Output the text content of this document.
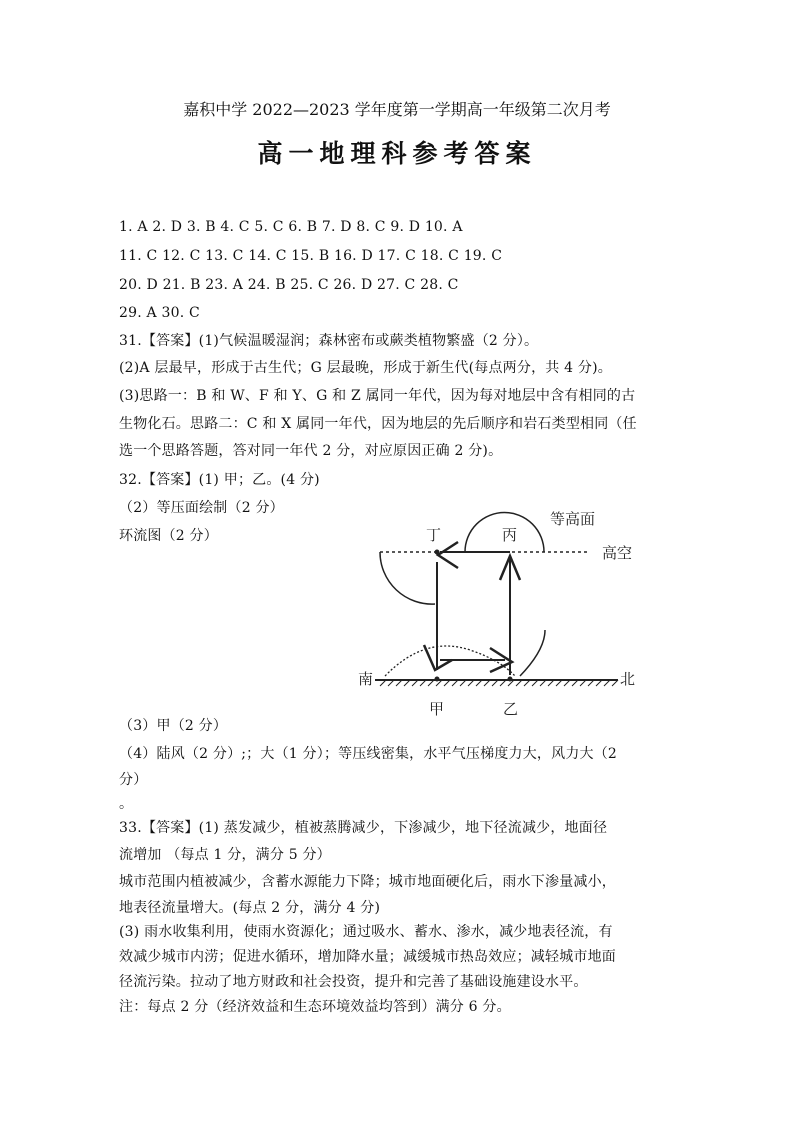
嘉积中学 2022—2023 学年度第一学期高一年级第二次月考
高一地理科参考答案
1. A 2. D 3. B 4. C 5. C 6. B 7. D 8. C 9. D 10. A
11. C 12. C 13. C 14. C 15. B 16. D 17. C 18. C 19. C
20. D 21. B 23. A 24. B 25. C 26. D 27. C 28. C
29. A 30. C
31.【答案】(1)气候温暖湿润；森林密布或蕨类植物繁盛（2 分）。
(2)A 层最早，形成于古生代；G 层最晚，形成于新生代(每点两分，共 4 分)。
(3)思路一：B 和 W、F 和 Y、G 和 Z 属同一年代，因为每对地层中含有相同的古
生物化石。思路二：C 和 X 属同一年代，因为地层的先后顺序和岩石类型相同（任
选一个思路答题，答对同一年代 2 分，对应原因正确 2 分)。
32.【答案】(1) 甲；乙。(4 分)
（2）等压面绘制（2 分）
环流图（2 分）
等高面
高空
丁	丙
南	北
甲	乙
（3）甲（2 分）
（4）陆风（2 分）;；大（1 分）；等压线密集，水平气压梯度力大，风力大（2
分）
。
33.【答案】(1) 蒸发减少，植被蒸腾减少，下渗减少，地下径流减少，地面径
流增加 （每点 1 分，满分 5 分）
城市范围内植被减少，含蓄水源能力下降；城市地面硬化后，雨水下渗量减小，
地表径流量增大。(每点 2 分，满分 4 分)
(3) 雨水收集利用，使雨水资源化；通过吸水、蓄水、渗水，减少地表径流，有
效减少城市内涝；促进水循环，增加降水量；减缓城市热岛效应；减轻城市地面
径流污染。拉动了地方财政和社会投资，提升和完善了基础设施建设水平。
注：每点 2 分（经济效益和生态环境效益均答到）满分 6 分。
